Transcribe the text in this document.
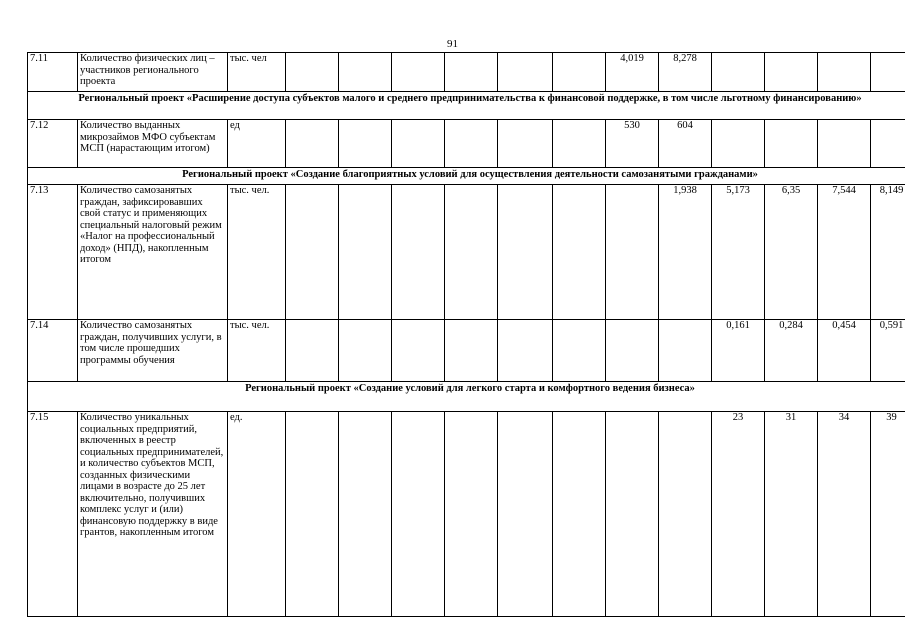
91
7.11	Количество физических лиц – участников регионального проекта	тыс. чел							4,019	8,278				
Региональный проект «Расширение доступа субъектов малого и среднего предпринимательства к финансовой поддержке, в том числе льготному финансированию»														
7.12	Количество выданных микрозаймов МФО субъектам МСП (нарастающим итогом)	ед							530	604				
Региональный проект «Создание благоприятных условий для осуществления деятельности самозанятыми гражданами»														
7.13	Количество самозанятых граждан, зафиксировавших свой статус и применяющих специальный налоговый режим «Налог на профессиональный доход» (НПД), накопленным итогом	тыс. чел.								1,938	5,173	6,35	7,544	8,149
7.14	Количество самозанятых граждан, получивших услуги, в том числе прошедших программы обучения	тыс. чел.									0,161	0,284	0,454	0,591
Региональный проект «Создание условий для легкого старта и комфортного ведения бизнеса»														
7.15	Количество уникальных социальных предприятий, включенных в реестр социальных предпринимателей, и количество субъектов МСП, созданных физическими лицами в возрасте до 25 лет включительно, получивших комплекс услуг и (или) финансовую поддержку в виде грантов, накопленным итогом	ед.									23	31	34	39
